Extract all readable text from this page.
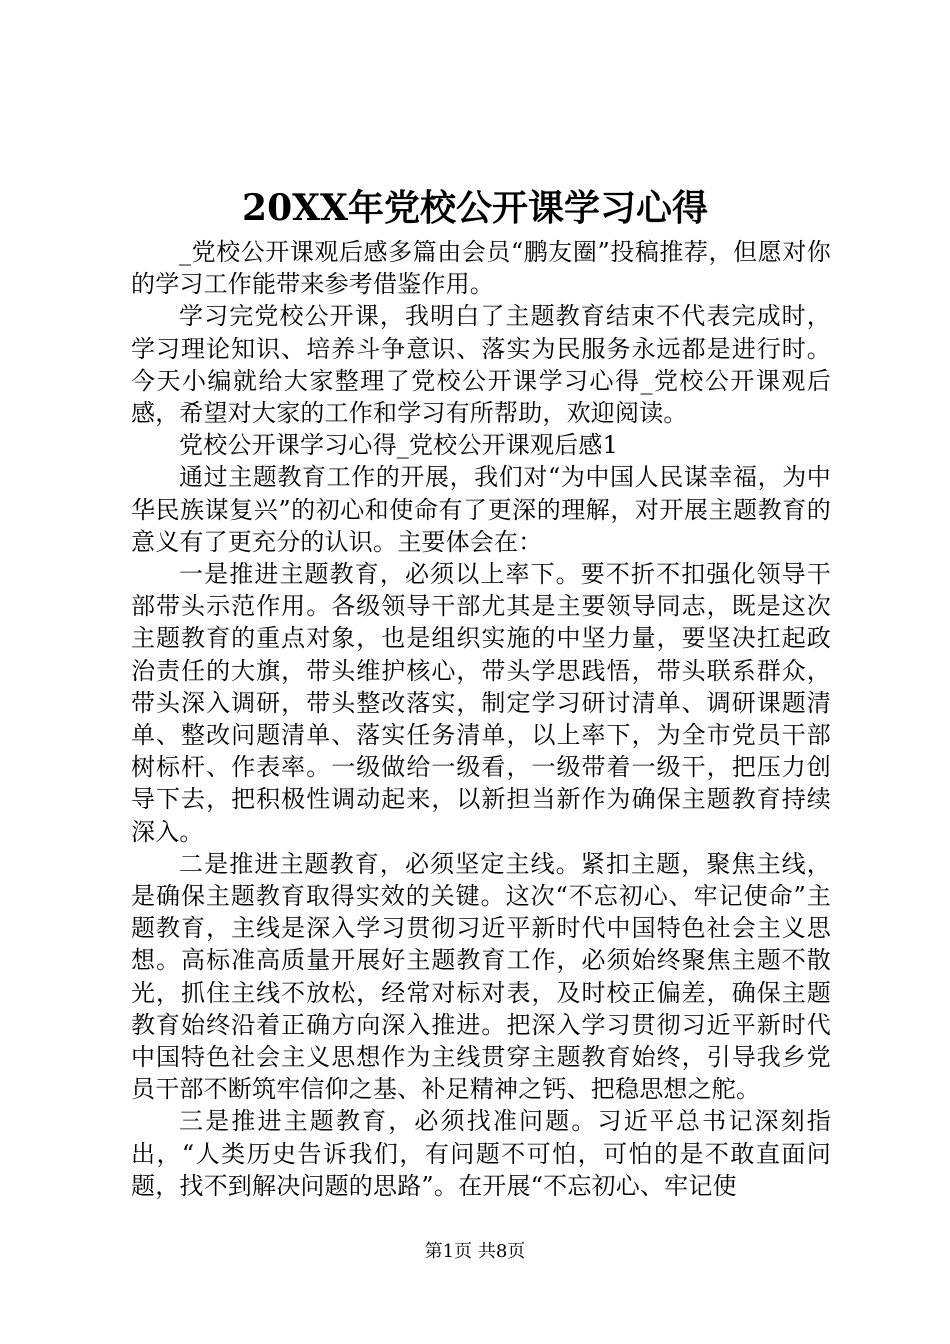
20XX年党校公开课学习心得

_党校公开课观后感多篇由会员“鹏友圈”投稿推荐，但愿对你的学习工作能带来参考借鉴作用。

学习完党校公开课，我明白了主题教育结束不代表完成时，学习理论知识、培养斗争意识、落实为民服务永远都是进行时。今天小编就给大家整理了党校公开课学习心得_党校公开课观后感，希望对大家的工作和学习有所帮助，欢迎阅读。

党校公开课学习心得_党校公开课观后感1

通过主题教育工作的开展，我们对“为中国人民谋幸福，为中华民族谋复兴”的初心和使命有了更深的理解，对开展主题教育的意义有了更充分的认识。主要体会在：

一是推进主题教育，必须以上率下。要不折不扣强化领导干部带头示范作用。各级领导干部尤其是主要领导同志，既是这次主题教育的重点对象，也是组织实施的中坚力量，要坚决扛起政治责任的大旗，带头维护核心，带头学思践悟，带头联系群众，带头深入调研，带头整改落实，制定学习研讨清单、调研课题清单、整改问题清单、落实任务清单，以上率下，为全市党员干部树标杆、作表率。一级做给一级看，一级带着一级干，把压力创导下去，把积极性调动起来，以新担当新作为确保主题教育持续深入。

二是推进主题教育，必须坚定主线。紧扣主题，聚焦主线，是确保主题教育取得实效的关键。这次“不忘初心、牢记使命”主题教育，主线是深入学习贯彻习近平新时代中国特色社会主义思想。高标准高质量开展好主题教育工作，必须始终聚焦主题不散光，抓住主线不放松，经常对标对表，及时校正偏差，确保主题教育始终沿着正确方向深入推进。把深入学习贯彻习近平新时代中国特色社会主义思想作为主线贯穿主题教育始终，引导我乡党员干部不断筑牢信仰之基、补足精神之钙、把稳思想之舵。

三是推进主题教育，必须找准问题。习近平总书记深刻指出，“人类历史告诉我们，有问题不可怕，可怕的是不敢直面问题，找不到解决问题的思路”。在开展“不忘初心、牢记使

第1页 共8页
